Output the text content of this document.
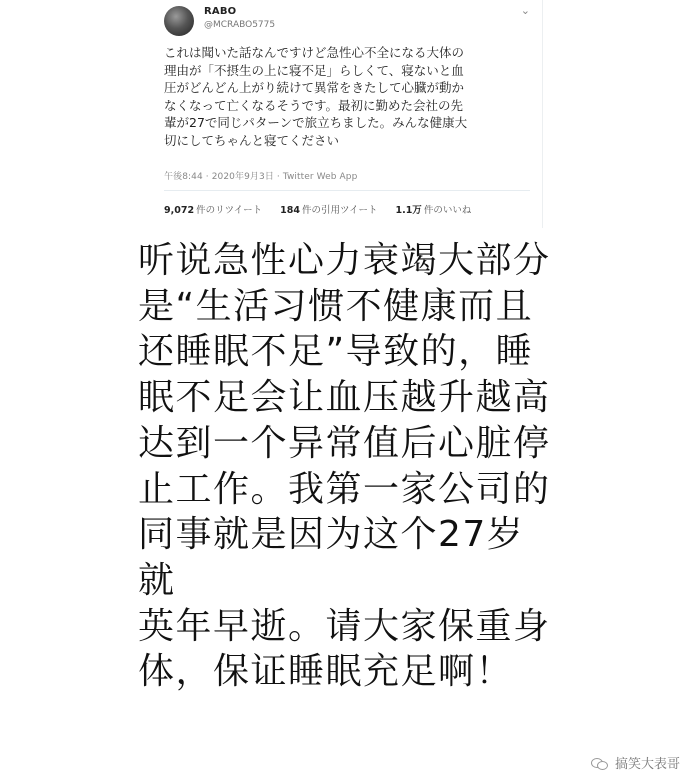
RABO
@MCRABO5775
⌄
これは聞いた話なんですけど急性心不全になる大体の
理由が「不摂生の上に寝不足」らしくて、寝ないと血
圧がどんどん上がり続けて異常をきたして心臓が動か
なくなって亡くなるそうです。最初に勤めた会社の先
輩が27で同じパターンで旅立ちました。みんな健康大
切にしてちゃんと寝てください
午後8:44 · 2020年9月3日 · Twitter Web App
9,072 件のリツイート 184 件の引用ツイート 1.1万 件のいいね
听说急性心力衰竭大部分
是“生活习惯不健康而且
还睡眠不足”导致的，睡
眠不足会让血压越升越高
达到一个异常值后心脏停
止工作。我第一家公司的
同事就是因为这个27岁就
英年早逝。请大家保重身
体，保证睡眠充足啊！
搞笑大表哥
